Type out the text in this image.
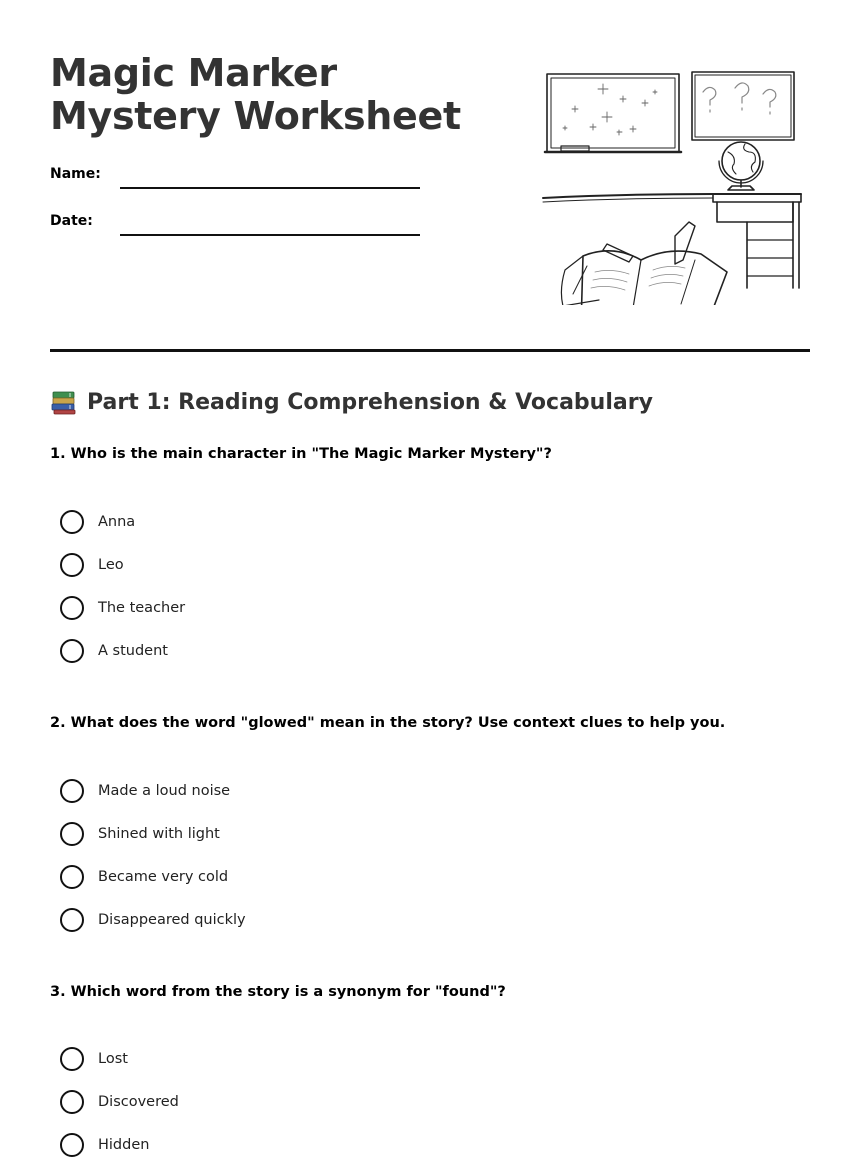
Magic Marker Mystery Worksheet
Name:
Date:
Part 1: Reading Comprehension & Vocabulary
1. Who is the main character in "The Magic Marker Mystery"?
Anna
Leo
The teacher
A student
2. What does the word "glowed" mean in the story? Use context clues to help you.
Made a loud noise
Shined with light
Became very cold
Disappeared quickly
3. Which word from the story is a synonym for "found"?
Lost
Discovered
Hidden
